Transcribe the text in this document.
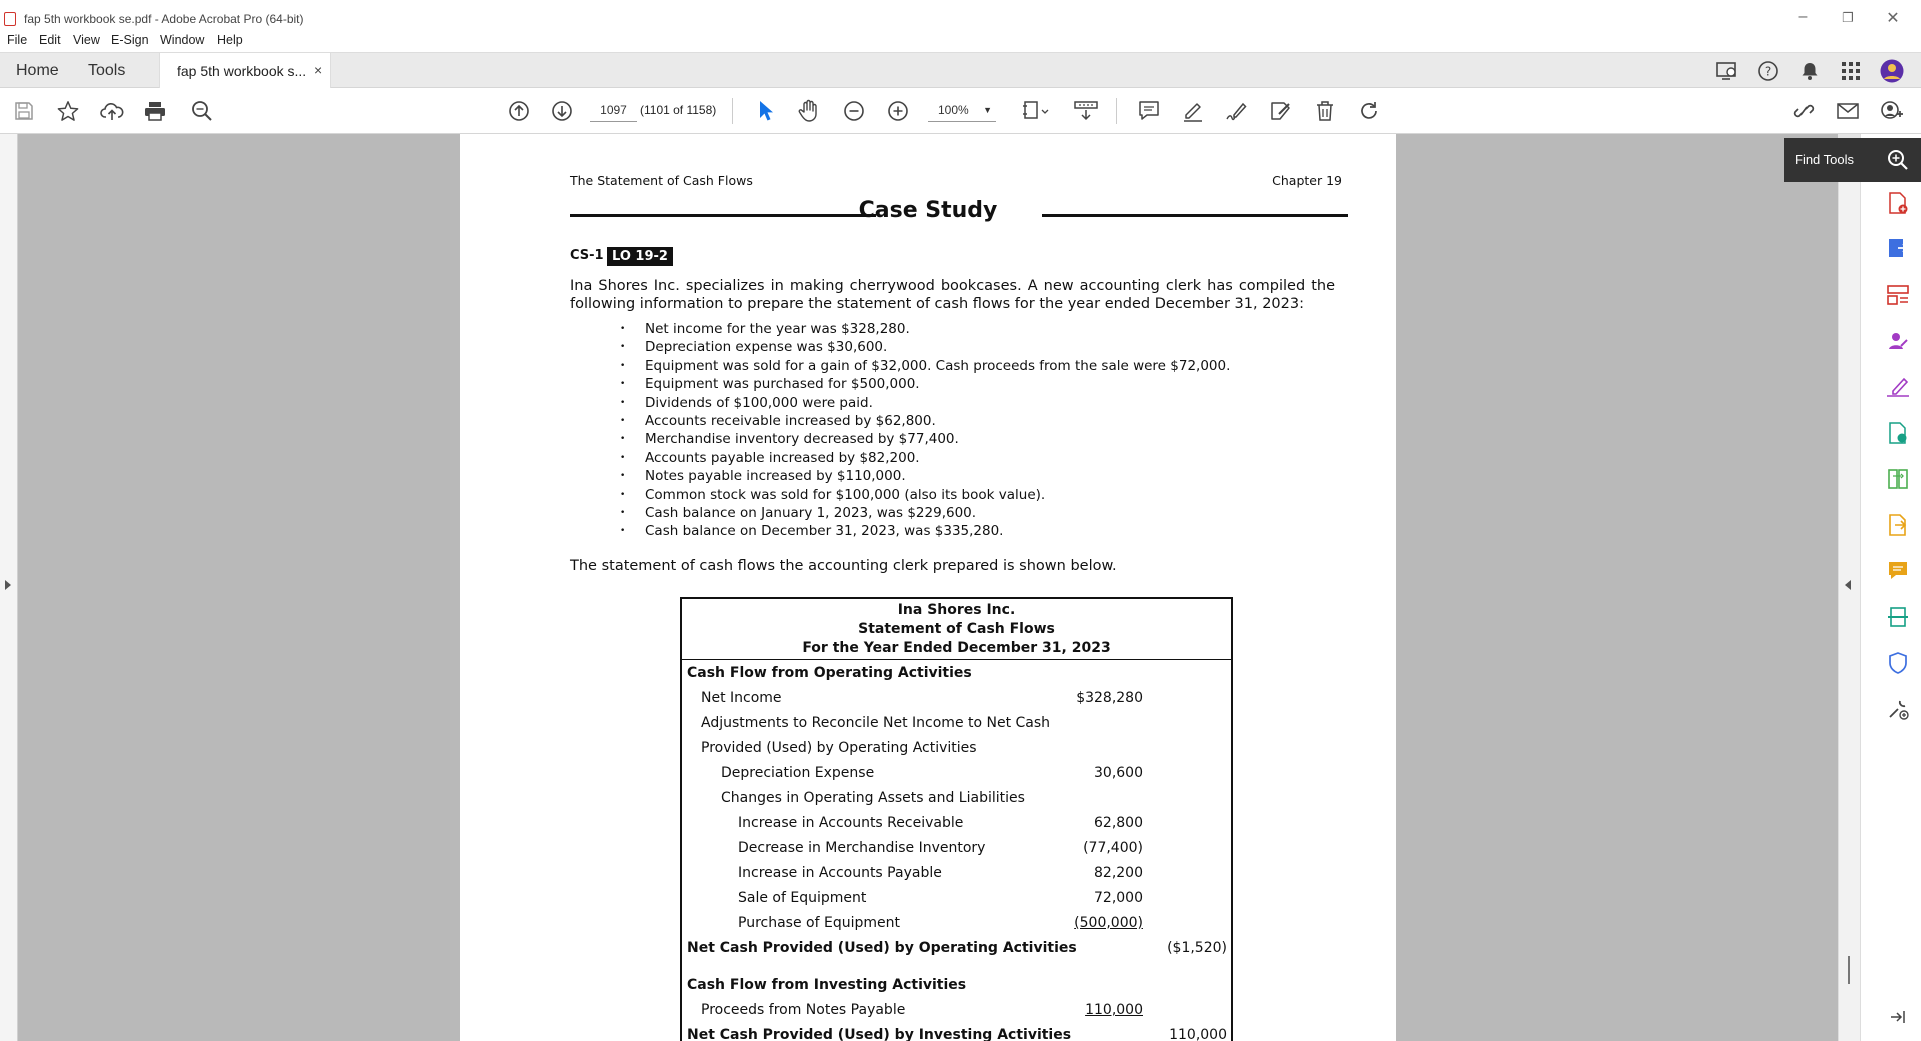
fap 5th workbook se.pdf - Adobe Acrobat Pro (64-bit)	–	❐	✕
File Edit View E-Sign Window Help
Home Tools	fap 5th workbook s... ×	?
1097	(1101 of 1158)	100% ▼
Find Tools
The Statement of Cash Flows	Chapter 19
Case Study
CS-1 LO 19-2
Ina Shores Inc. specializes in making cherrywood bookcases. A new accounting clerk has compiled the following information to prepare the statement of cash flows for the year ended December 31, 2023:
• Net income for the year was $328,280.
• Depreciation expense was $30,600.
• Equipment was sold for a gain of $32,000. Cash proceeds from the sale were $72,000.
• Equipment was purchased for $500,000.
• Dividends of $100,000 were paid.
• Accounts receivable increased by $62,800.
• Merchandise inventory decreased by $77,400.
• Accounts payable increased by $82,200.
• Notes payable increased by $110,000.
• Common stock was sold for $100,000 (also its book value).
• Cash balance on January 1, 2023, was $229,600.
• Cash balance on December 31, 2023, was $335,280.
The statement of cash flows the accounting clerk prepared is shown below.
Ina Shores Inc.
Statement of Cash Flows
For the Year Ended December 31, 2023
Cash Flow from Operating Activities
Net Income	$328,280
Adjustments to Reconcile Net Income to Net Cash
Provided (Used) by Operating Activities
Depreciation Expense	30,600
Changes in Operating Assets and Liabilities
Increase in Accounts Receivable	62,800
Decrease in Merchandise Inventory	(77,400)
Increase in Accounts Payable	82,200
Sale of Equipment	72,000
Purchase of Equipment	(500,000)
Net Cash Provided (Used) by Operating Activities	($1,520)
Cash Flow from Investing Activities
Proceeds from Notes Payable	110,000
Net Cash Provided (Used) by Investing Activities	110,000
